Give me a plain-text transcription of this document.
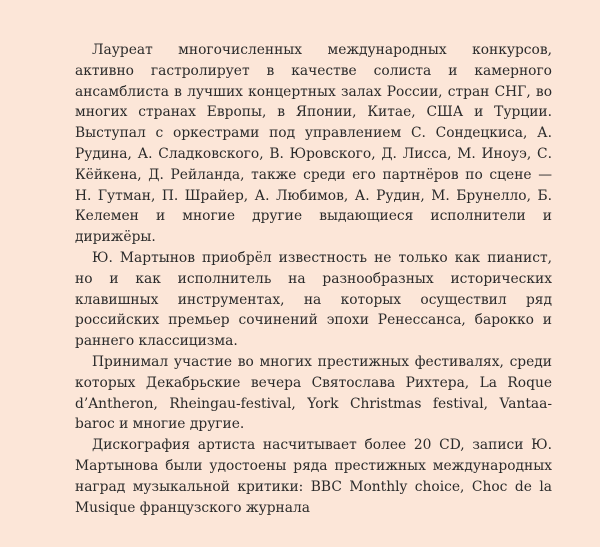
Лауреат многочисленных международных конкурсов, активно гастролирует в качестве солиста и камерного ансамблиста в лучших концертных залах России, стран СНГ, во многих странах Европы, в Японии, Китае, США и Турции. Выступал с оркестрами под управлением С. Сондецкиса, А. Рудина, А. Сладковского, В. Юровского, Д. Лисса, М. Иноуэ, С. Кёйкена, Д. Рейланда, также среди его партнёров по сцене — Н. Гутман, П. Шрайер, А. Любимов, А. Рудин, М. Брунелло, Б. Келемен и многие другие выдающиеся исполнители и дирижёры.

Ю. Мартынов приобрёл известность не только как пианист, но и как исполнитель на разнообразных исторических клавишных инструментах, на которых осуществил ряд российских премьер сочинений эпохи Ренессанса, барокко и раннего классицизма.

Принимал участие во многих престижных фестивалях, среди которых Декабрьские вечера Святослава Рихтера, La Roque d’Antheron, Rheingau-festival, York Christmas festival, Vantaa-baroc и многие другие.

Дискография артиста насчитывает более 20 CD, записи Ю. Мартынова были удостоены ряда престижных международных наград музыкальной критики: BBC Monthly choice, Choc de la Musique французского журнала
